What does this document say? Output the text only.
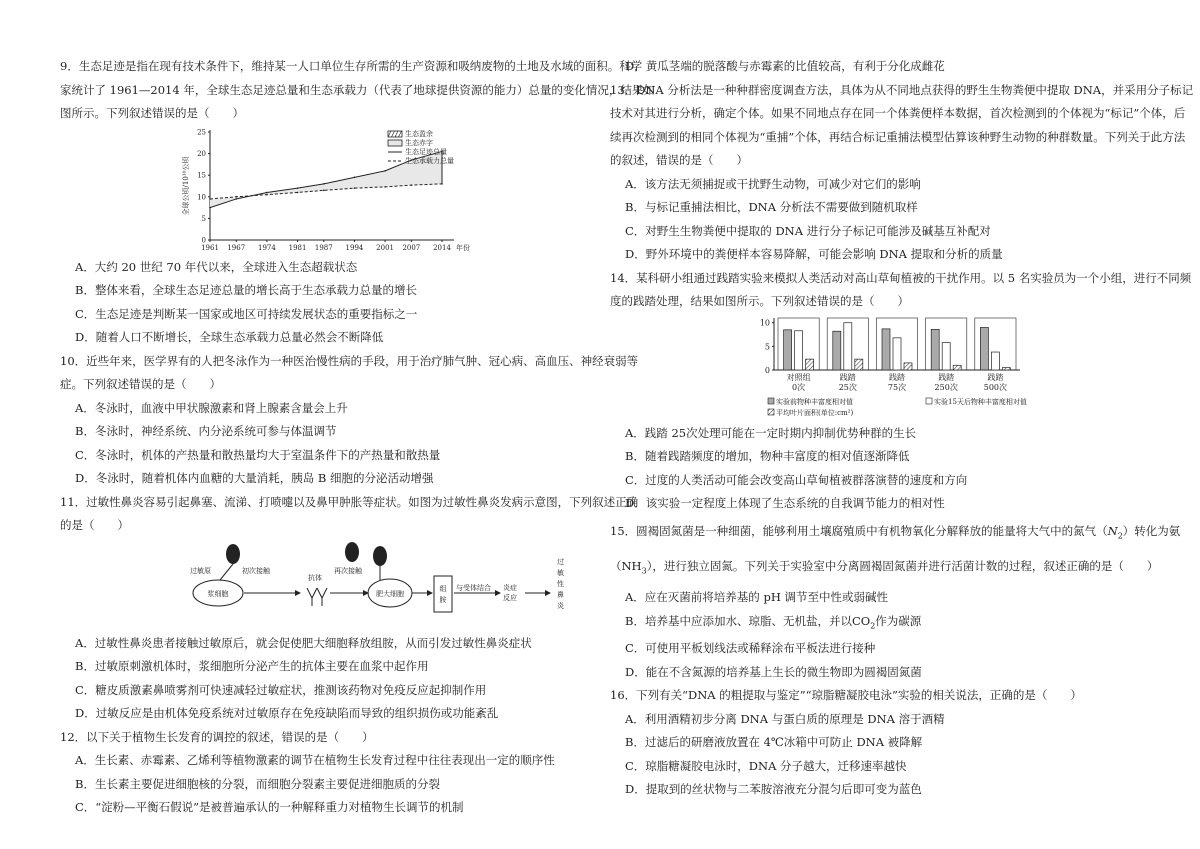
9．生态足迹是指在现有技术条件下，维持某一人口单位生存所需的生产资源和吸纳废物的土地及水域的面积。科学
家统计了 1961—2014 年，全球生态足迹总量和生态承载力（代表了地球提供资源的能力）总量的变化情况，结果如
图所示。下列叙述错误的是（　　）
0
5
10
15
20
25
1961 1967 1974 1981 1987 1994 2001 2007 2014 年份
全球公顷/10¹⁰公顷
生态盈余
生态赤字
生态足迹总量
生态承载力总量
A．大约 20 世纪 70 年代以来，全球进入生态超载状态
B．整体来看，全球生态足迹总量的增长高于生态承载力总量的增长
C．生态足迹是判断某一国家或地区可持续发展状态的重要指标之一
D．随着人口不断增长，全球生态承载力总量必然会不断降低
10．近些年来，医学界有的人把冬泳作为一种医治慢性病的手段，用于治疗肺气肿、冠心病、高血压、神经衰弱等
症。下列叙述错误的是（　　）
A．冬泳时，血液中甲状腺激素和肾上腺素含量会上升
B．冬泳时，神经系统、内分泌系统可参与体温调节
C．冬泳时，机体的产热量和散热量均大于室温条件下的产热量和散热量
D．冬泳时，随着机体内血糖的大量消耗，胰岛 B 细胞的分泌活动增强
11．过敏性鼻炎容易引起鼻塞、流涕、打喷嚏以及鼻甲肿胀等症状。如图为过敏性鼻炎发病示意图，下列叙述正确
的是（　　）
浆细胞
过敏原	初次接触
抗体
再次接触
肥大细胞
组
胺
与受体结合 炎症
反应
过
敏
性
鼻
炎
A．过敏性鼻炎患者接触过敏原后，就会促使肥大细胞释放组胺，从而引发过敏性鼻炎症状
B．过敏原刺激机体时，浆细胞所分泌产生的抗体主要在血浆中起作用
C．糖皮质激素鼻喷雾剂可快速减轻过敏症状，推测该药物对免疫反应起抑制作用
D．过敏反应是由机体免疫系统对过敏原存在免疫缺陷而导致的组织损伤或功能紊乱
12．以下关于植物生长发育的调控的叙述，错误的是（　　）
A．生长素、赤霉素、乙烯利等植物激素的调节在植物生长发育过程中往往表现出一定的顺序性
B．生长素主要促进细胞核的分裂，而细胞分裂素主要促进细胞质的分裂
C．“淀粉—平衡石假说”是被普遍承认的一种解释重力对植物生长调节的机制
D．黄瓜茎端的脱落酸与赤霉素的比值较高，有利于分化成雌花
13．DNA 分析法是一种种群密度调查方法，具体为从不同地点获得的野生生物粪便中提取 DNA，并采用分子标记
技术对其进行分析，确定个体。如果不同地点存在同一个体粪便样本数据，首次检测到的个体视为“标记”个体，后
续再次检测到的相同个体视为“重捕”个体，再结合标记重捕法模型估算该种野生动物的种群数量。下列关于此方法
的叙述，错误的是（　　）
A．该方法无须捕捉或干扰野生动物，可减少对它们的影响
B．与标记重捕法相比，DNA 分析法不需要做到随机取样
C．对野生生物粪便中提取的 DNA 进行分子标记可能涉及碱基互补配对
D．野外环境中的粪便样本容易降解，可能会影响 DNA 提取和分析的质量
14．某科研小组通过践踏实验来模拟人类活动对高山草甸植被的干扰作用。以 5 名实验员为一个小组，进行不同频
度的践踏处理，结果如图所示。下列叙述错误的是（　　）
0
5
10
对照组
0次
践踏
25次
践踏
75次
践踏
250次
践踏
500次
实验前物种丰富度相对值	实验15天后物种丰富度相对值
平均叶片面积(单位:cm²)
A．践踏 25次处理可能在一定时期内抑制优势种群的生长
B．随着践踏频度的增加，物种丰富度的相对值逐渐降低
C．过度的人类活动可能会改变高山草甸植被群落演替的速度和方向
D．该实验一定程度上体现了生态系统的自我调节能力的相对性
15．圆褐固氮菌是一种细菌，能够利用土壤腐殖质中有机物氧化分解释放的能量将大气中的氮气$(N_2)$转化为氨
$(NH_3)$，进行独立固氮。下列关于实验室中分离圆褐固氮菌并进行活菌计数的过程，叙述正确的是（　　）
A．应在灭菌前将培养基的 pH 调节至中性或弱碱性
B．培养基中应添加水、琼脂、无机盐，并以$CO_2$作为碳源
C．可使用平板划线法或稀释涂布平板法进行接种
D．能在不含氮源的培养基上生长的微生物即为圆褐固氮菌
16．下列有关“DNA 的粗提取与鉴定”“琼脂糖凝胶电泳”实验的相关说法，正确的是（　　）
A．利用酒精初步分离 DNA 与蛋白质的原理是 DNA 溶于酒精
B．过滤后的研磨液放置在 4℃冰箱中可防止 DNA 被降解
C．琼脂糖凝胶电泳时，DNA 分子越大，迁移速率越快
D．提取到的丝状物与二苯胺溶液充分混匀后即可变为蓝色
